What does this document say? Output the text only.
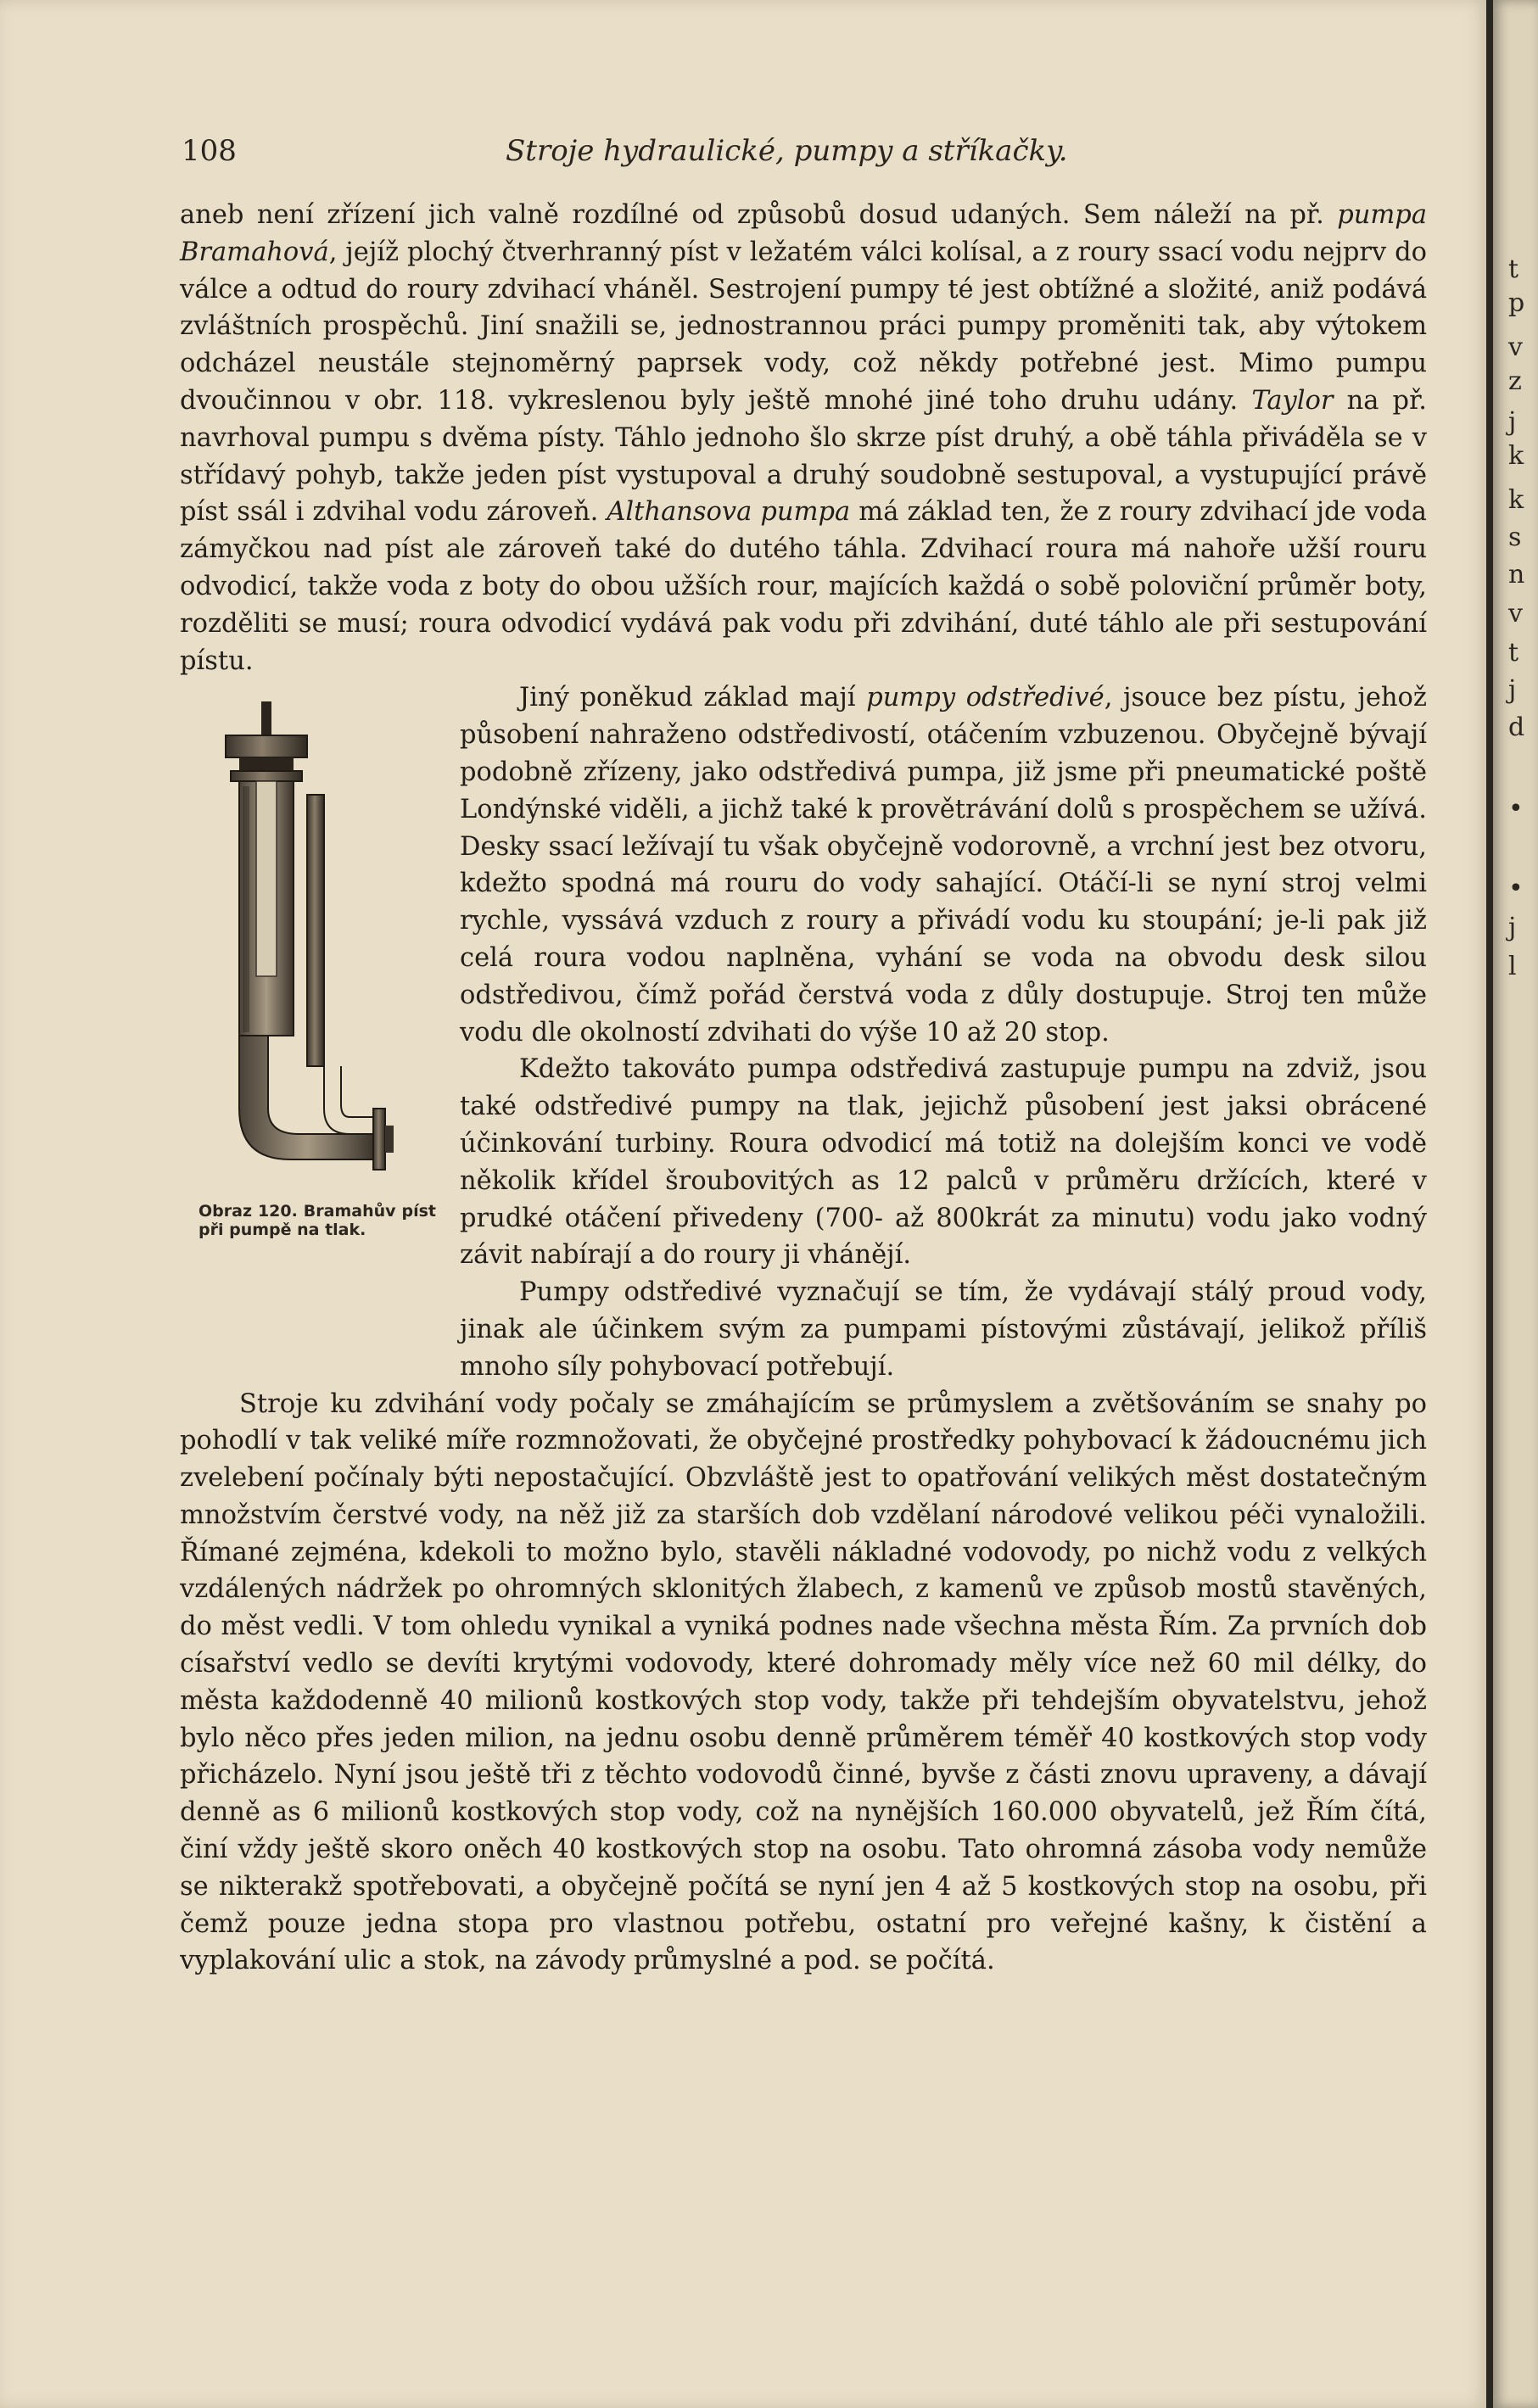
108	Stroje hydraulické, pumpy a stříkačky.

aneb není zřízení jich valně rozdílné od způsobů dosud udaných. Sem náleží na př. pumpa Bramahová, jejíž plochý čtverhranný píst v ležatém válci kolísal, a z roury ssací vodu nejprv do válce a odtud do roury zdvihací vháněl. Sestrojení pumpy té jest obtížné a složité, aniž podává zvláštních prospěchů. Jiní snažili se, jednostrannou práci pumpy proměniti tak, aby výtokem odcházel neustále stejnoměrný paprsek vody, což někdy potřebné jest. Mimo pumpu dvoučinnou v obr. 118. vykreslenou byly ještě mnohé jiné toho druhu udány. Taylor na př. navrhoval pumpu s dvěma písty. Táhlo jednoho šlo skrze píst druhý, a obě táhla přiváděla se v střídavý pohyb, takže jeden píst vystupoval a druhý soudobně sestupoval, a vystupující právě píst ssál i zdvihal vodu zároveň. Althansova pumpa má základ ten, že z roury zdvihací jde voda zámyčkou nad píst ale zároveň také do dutého táhla. Zdvihací roura má nahoře užší rouru odvodicí, takže voda z boty do obou užších rour, majících každá o sobě poloviční průměr boty, rozděliti se musí; roura odvodicí vydává pak vodu při zdvihání, duté táhlo ale při sestupování pístu.

Obraz 120. Bramahův píst při pumpě na tlak.
Jiný poněkud základ mají pumpy odstředivé, jsouce bez pístu, jehož působení nahraženo odstředivostí, otáčením vzbuzenou. Obyčejně bývají podobně zřízeny, jako odstředivá pumpa, již jsme při pneumatické poště Londýnské viděli, a jichž také k provětrávání dolů s prospěchem se užívá. Desky ssací ležívají tu však obyčejně vodorovně, a vrchní jest bez otvoru, kdežto spodná má rouru do vody sahající. Otáčí-li se nyní stroj velmi rychle, vyssává vzduch z roury a přivádí vodu ku stoupání; je-li pak již celá roura vodou naplněna, vyhání se voda na obvodu desk silou odstředivou, čímž pořád čerstvá voda z důly dostupuje. Stroj ten může vodu dle okolností zdvihati do výše 10 až 20 stop.

Kdežto takováto pumpa odstředivá zastupuje pumpu na zdviž, jsou také odstředivé pumpy na tlak, jejichž působení jest jaksi obrácené účinkování turbiny. Roura odvodicí má totiž na dolejším konci ve vodě několik křídel šroubovitých as 12 palců v průměru držících, které v prudké otáčení přivedeny (700- až 800krát za minutu) vodu jako vodný závit nabírají a do roury ji vhánějí.

Pumpy odstředivé vyznačují se tím, že vydávají stálý proud vody, jinak ale účinkem svým za pumpami pístovými zůstávají, jelikož příliš mnoho síly pohybovací potřebují.

Stroje ku zdvihání vody počaly se zmáhajícím se průmyslem a zvětšováním se snahy po pohodlí v tak veliké míře rozmnožovati, že obyčejné prostředky pohybovací k žádoucnému jich zvelebení počínaly býti nepostačující. Obzvláště jest to opatřování velikých měst dostatečným množstvím čerstvé vody, na něž již za starších dob vzdělaní národové velikou péči vynaložili. Římané zejména, kdekoli to možno bylo, stavěli nákladné vodovody, po nichž vodu z velkých vzdálených nádržek po ohromných sklonitých žlabech, z kamenů ve způsob mostů stavěných, do měst vedli. V tom ohledu vynikal a vyniká podnes nade všechna města Řím. Za prvních dob císařství vedlo se devíti krytými vodovody, které dohromady měly více než 60 mil délky, do města každodenně 40 milionů kostkových stop vody, takže při tehdejším obyvatelstvu, jehož bylo něco přes jeden milion, na jednu osobu denně průměrem téměř 40 kostkových stop vody přicházelo. Nyní jsou ještě tři z těchto vodovodů činné, byvše z části znovu upraveny, a dávají denně as 6 milionů kostkových stop vody, což na nynějších 160.000 obyvatelů, jež Řím čítá, činí vždy ještě skoro oněch 40 kostkových stop na osobu. Tato ohromná zásoba vody nemůže se nikterakž spotřebovati, a obyčejně počítá se nyní jen 4 až 5 kostkových stop na osobu, při čemž pouze jedna stopa pro vlastnou potřebu, ostatní pro veřejné kašny, k čistění a vyplakování ulic a stok, na závody průmyslné a pod. se počítá.

t
p
v
z
j
k
k
s
n
v
t
j
d
•
•
j
l
